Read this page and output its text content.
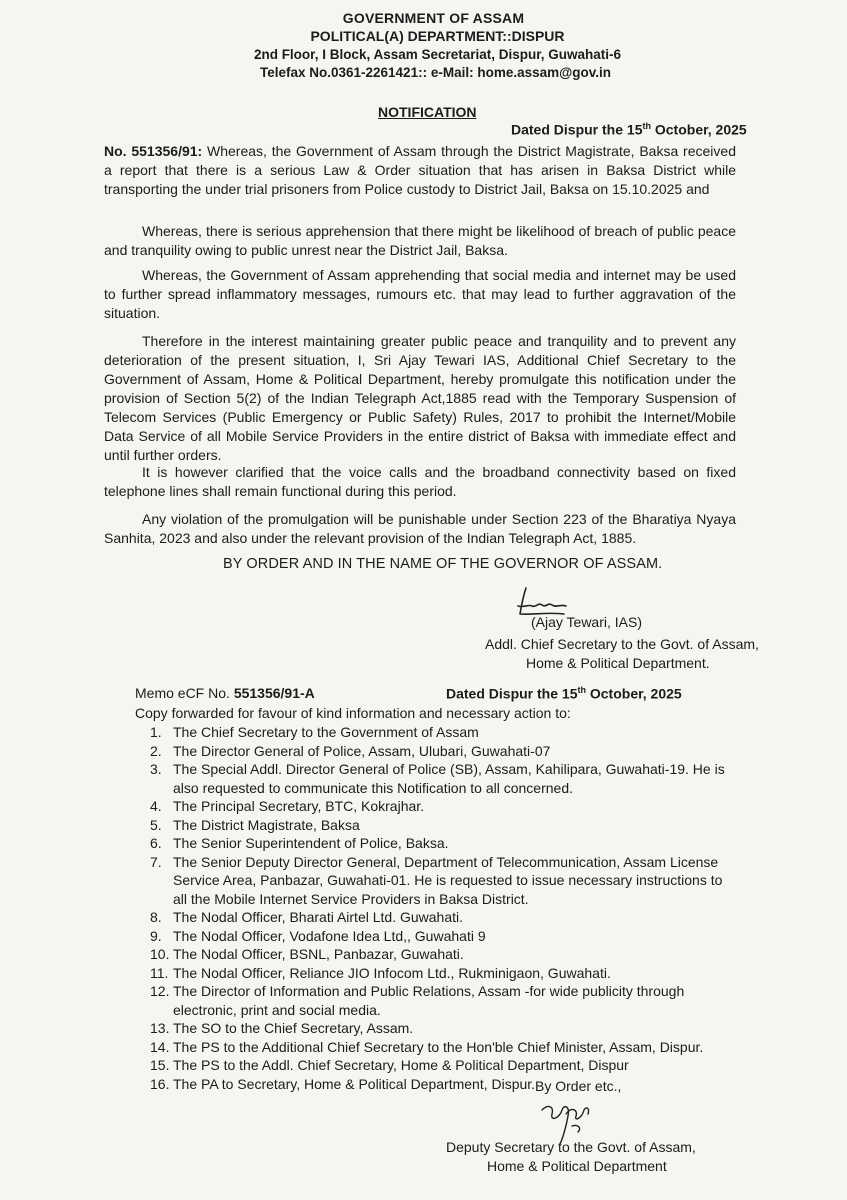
GOVERNMENT OF ASSAM
POLITICAL(A) DEPARTMENT::DISPUR
2nd Floor, I Block, Assam Secretariat, Dispur, Guwahati-6
Telefax No.0361-2261421:: e-Mail: home.assam@gov.in
NOTIFICATION
Dated Dispur the 15th October, 2025

No. 551356/91: Whereas, the Government of Assam through the District Magistrate, Baksa received a report that there is a serious Law & Order situation that has arisen in Baksa District while transporting the under trial prisoners from Police custody to District Jail, Baksa on 15.10.2025 and

Whereas, there is serious apprehension that there might be likelihood of breach of public peace and tranquility owing to public unrest near the District Jail, Baksa.

Whereas, the Government of Assam apprehending that social media and internet may be used to further spread inflammatory messages, rumours etc. that may lead to further aggravation of the situation.

Therefore in the interest maintaining greater public peace and tranquility and to prevent any deterioration of the present situation, I, Sri Ajay Tewari IAS, Additional Chief Secretary to the Government of Assam, Home & Political Department, hereby promulgate this notification under the provision of Section 5(2) of the Indian Telegraph Act,1885 read with the Temporary Suspension of Telecom Services (Public Emergency or Public Safety) Rules, 2017 to prohibit the Internet/Mobile Data Service of all Mobile Service Providers in the entire district of Baksa with immediate effect and until further orders.

It is however clarified that the voice calls and the broadband connectivity based on fixed telephone lines shall remain functional during this period.

Any violation of the promulgation will be punishable under Section 223 of the Bharatiya Nyaya Sanhita, 2023 and also under the relevant provision of the Indian Telegraph Act, 1885.

BY ORDER AND IN THE NAME OF THE GOVERNOR OF ASSAM.
(Ajay Tewari, IAS)
Addl. Chief Secretary to the Govt. of Assam,
Home & Political Department.
Memo eCF No. 551356/91-A	Dated Dispur the 15th October, 2025
Copy forwarded for favour of kind information and necessary action to:
1. The Chief Secretary to the Government of Assam
2. The Director General of Police, Assam, Ulubari, Guwahati-07
3. The Special Addl. Director General of Police (SB), Assam, Kahilipara, Guwahati-19. He is also requested to communicate this Notification to all concerned.
4. The Principal Secretary, BTC, Kokrajhar.
5. The District Magistrate, Baksa
6. The Senior Superintendent of Police, Baksa.
7. The Senior Deputy Director General, Department of Telecommunication, Assam License Service Area, Panbazar, Guwahati-01. He is requested to issue necessary instructions to all the Mobile Internet Service Providers in Baksa District.
8. The Nodal Officer, Bharati Airtel Ltd. Guwahati.
9. The Nodal Officer, Vodafone Idea Ltd,, Guwahati 9
10. The Nodal Officer, BSNL, Panbazar, Guwahati.
11. The Nodal Officer, Reliance JIO Infocom Ltd., Rukminigaon, Guwahati.
12. The Director of Information and Public Relations, Assam -for wide publicity through electronic, print and social media.
13. The SO to the Chief Secretary, Assam.
14. The PS to the Additional Chief Secretary to the Hon'ble Chief Minister, Assam, Dispur.
15. The PS to the Addl. Chief Secretary, Home & Political Department, Dispur
16. The PA to Secretary, Home & Political Department, Dispur. By Order etc.,
Deputy Secretary to the Govt. of Assam,
Home & Political Department
